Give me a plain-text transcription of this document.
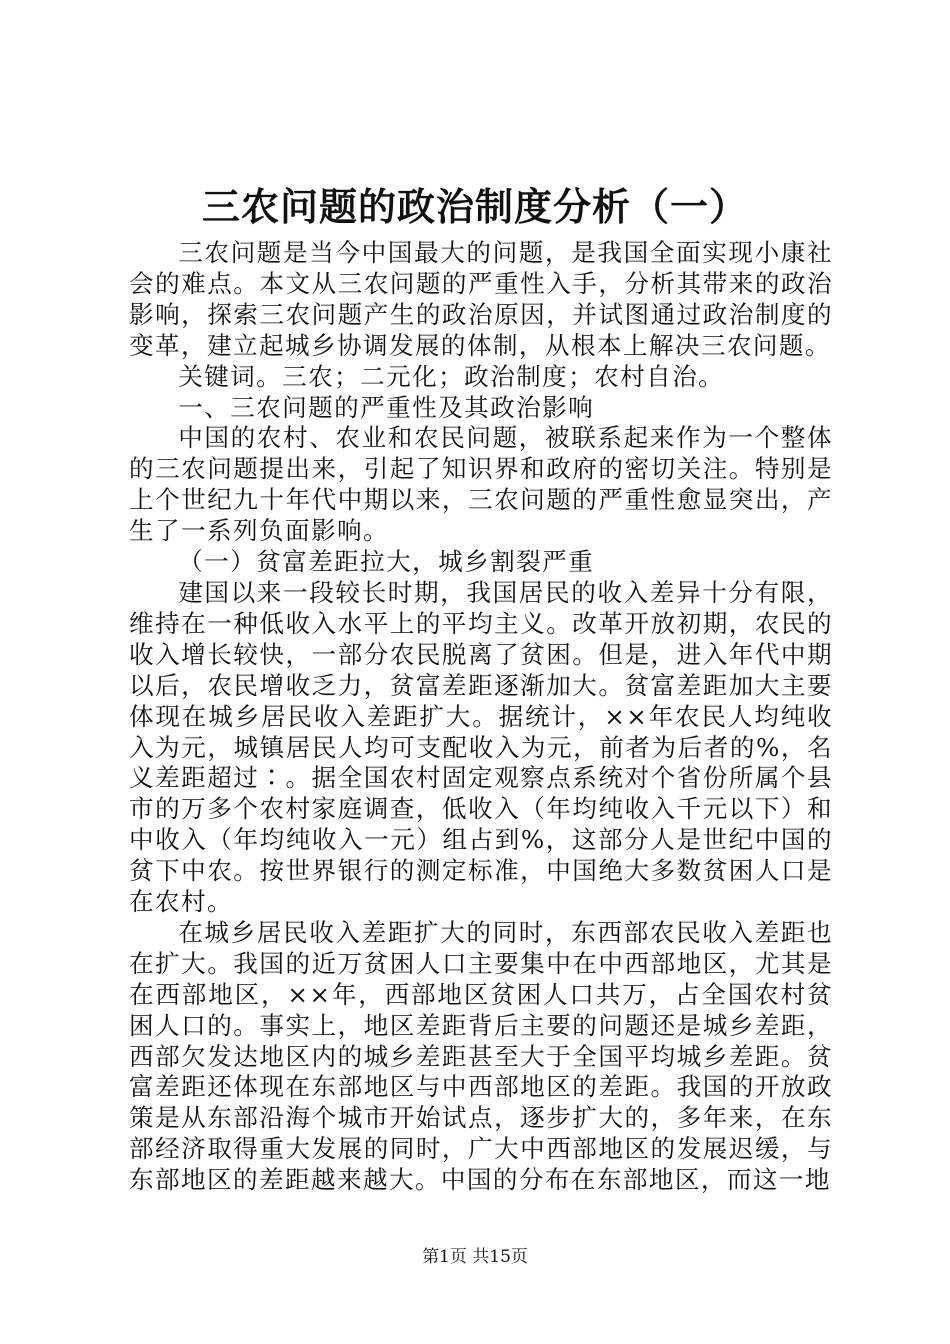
三农问题的政治制度分析（一）

三农问题是当今中国最大的问题，是我国全面实现小康社会的难点。本文从三农问题的严重性入手，分析其带来的政治影响，探索三农问题产生的政治原因，并试图通过政治制度的变革，建立起城乡协调发展的体制，从根本上解决三农问题。

关键词。三农；二元化；政治制度；农村自治。

一、三农问题的严重性及其政治影响

中国的农村、农业和农民问题，被联系起来作为一个整体的三农问题提出来，引起了知识界和政府的密切关注。特别是上个世纪九十年代中期以来，三农问题的严重性愈显突出，产生了一系列负面影响。

（一）贫富差距拉大，城乡割裂严重

建国以来一段较长时期，我国居民的收入差异十分有限，维持在一种低收入水平上的平均主义。改革开放初期，农民的收入增长较快，一部分农民脱离了贫困。但是，进入年代中期以后，农民增收乏力，贫富差距逐渐加大。贫富差距加大主要体现在城乡居民收入差距扩大。据统计，××年农民人均纯收入为元，城镇居民人均可支配收入为元，前者为后者的%，名义差距超过∶。据全国农村固定观察点系统对个省份所属个县市的万多个农村家庭调查，低收入（年均纯收入千元以下）和中收入（年均纯收入一元）组占到%，这部分人是世纪中国的贫下中农。按世界银行的测定标准，中国绝大多数贫困人口是在农村。

在城乡居民收入差距扩大的同时，东西部农民收入差距也在扩大。我国的近万贫困人口主要集中在中西部地区，尤其是在西部地区，××年，西部地区贫困人口共万，占全国农村贫困人口的。事实上，地区差距背后主要的问题还是城乡差距，西部欠发达地区内的城乡差距甚至大于全国平均城乡差距。贫富差距还体现在东部地区与中西部地区的差距。我国的开放政策是从东部沿海个城市开始试点，逐步扩大的，多年来，在东部经济取得重大发展的同时，广大中西部地区的发展迟缓，与东部地区的差距越来越大。中国的分布在东部地区，而这一地

第1页 共15页
